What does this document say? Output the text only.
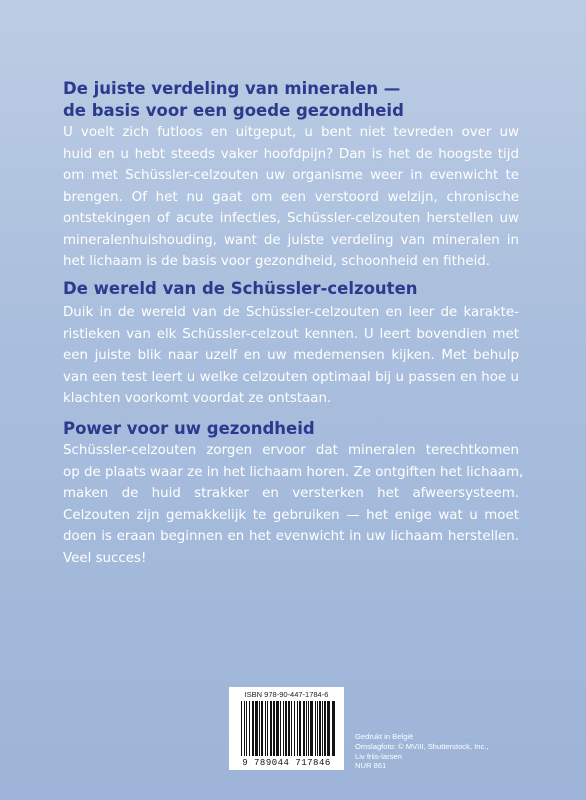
De juiste verdeling van mineralen —
de basis voor een goede gezondheid
U voelt zich futloos en uitgeput, u bent niet tevreden over uw
huid en u hebt steeds vaker hoofdpijn? Dan is het de hoogste tijd
om met Schüssler-celzouten uw organisme weer in evenwicht te
brengen. Of het nu gaat om een verstoord welzijn, chronische
ontstekingen of acute infecties, Schüssler-celzouten herstellen uw
mineralenhuishouding, want de juiste verdeling van mineralen in
het lichaam is de basis voor gezondheid, schoonheid en fitheid.
De wereld van de Schüssler-celzouten
Duik in de wereld van de Schüssler-celzouten en leer de karakte-
ristieken van elk Schüssler-celzout kennen. U leert bovendien met
een juiste blik naar uzelf en uw medemensen kijken. Met behulp
van een test leert u welke celzouten optimaal bij u passen en hoe u
klachten voorkomt voordat ze ontstaan.
Power voor uw gezondheid
Schüssler-celzouten zorgen ervoor dat mineralen terechtkomen
op de plaats waar ze in het lichaam horen. Ze ontgiften het lichaam,
maken de huid strakker en versterken het afweersysteem.
Celzouten zijn gemakkelijk te gebruiken — het enige wat u moet
doen is eraan beginnen en het evenwicht in uw lichaam herstellen.
Veel succes!
ISBN 978-90-447-1784-6
9 789044 717846
Gedrukt in België
Omslagfoto: © MVIII, Shutterstock, Inc.,
Liv friis-larsen
NUR 861
